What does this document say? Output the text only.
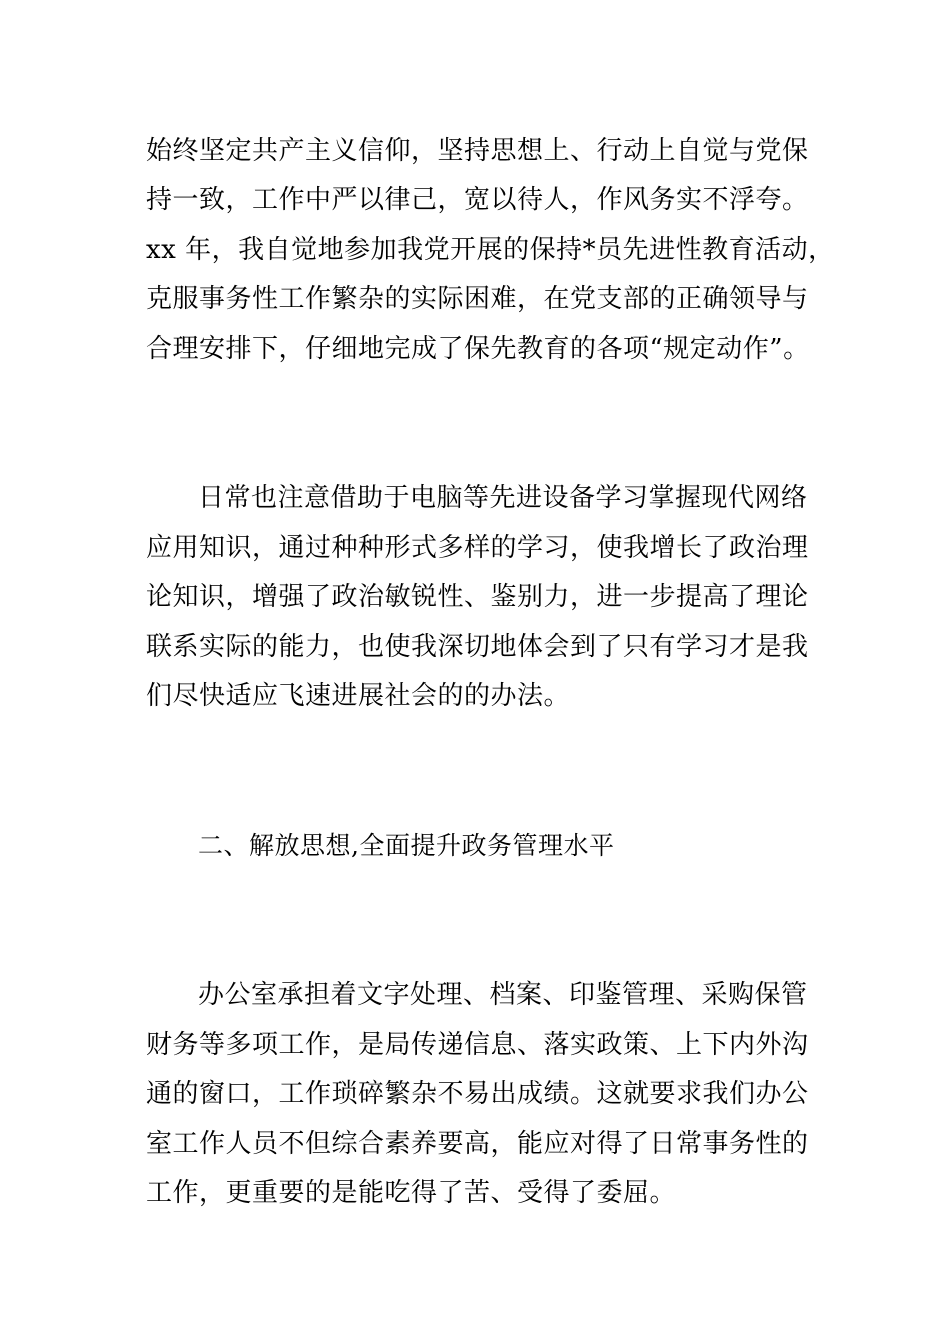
始终坚定共产主义信仰，坚持思想上、行动上自觉与党保
持一致，工作中严以律己，宽以待人，作风务实不浮夸。
xx 年，我自觉地参加我党开展的保持*员先进性教育活动，
克服事务性工作繁杂的实际困难，在党支部的正确领导与
合理安排下，仔细地完成了保先教育的各项“规定动作”。
日常也注意借助于电脑等先进设备学习掌握现代网络
应用知识，通过种种形式多样的学习，使我增长了政治理
论知识，增强了政治敏锐性、鉴别力，进一步提高了理论
联系实际的能力，也使我深切地体会到了只有学习才是我
们尽快适应飞速进展社会的的办法。
二、解放思想,全面提升政务管理水平
办公室承担着文字处理、档案、印鉴管理、采购保管
财务等多项工作，是局传递信息、落实政策、上下内外沟
通的窗口，工作琐碎繁杂不易出成绩。这就要求我们办公
室工作人员不但综合素养要高，能应对得了日常事务性的
工作，更重要的是能吃得了苦、受得了委屈。
